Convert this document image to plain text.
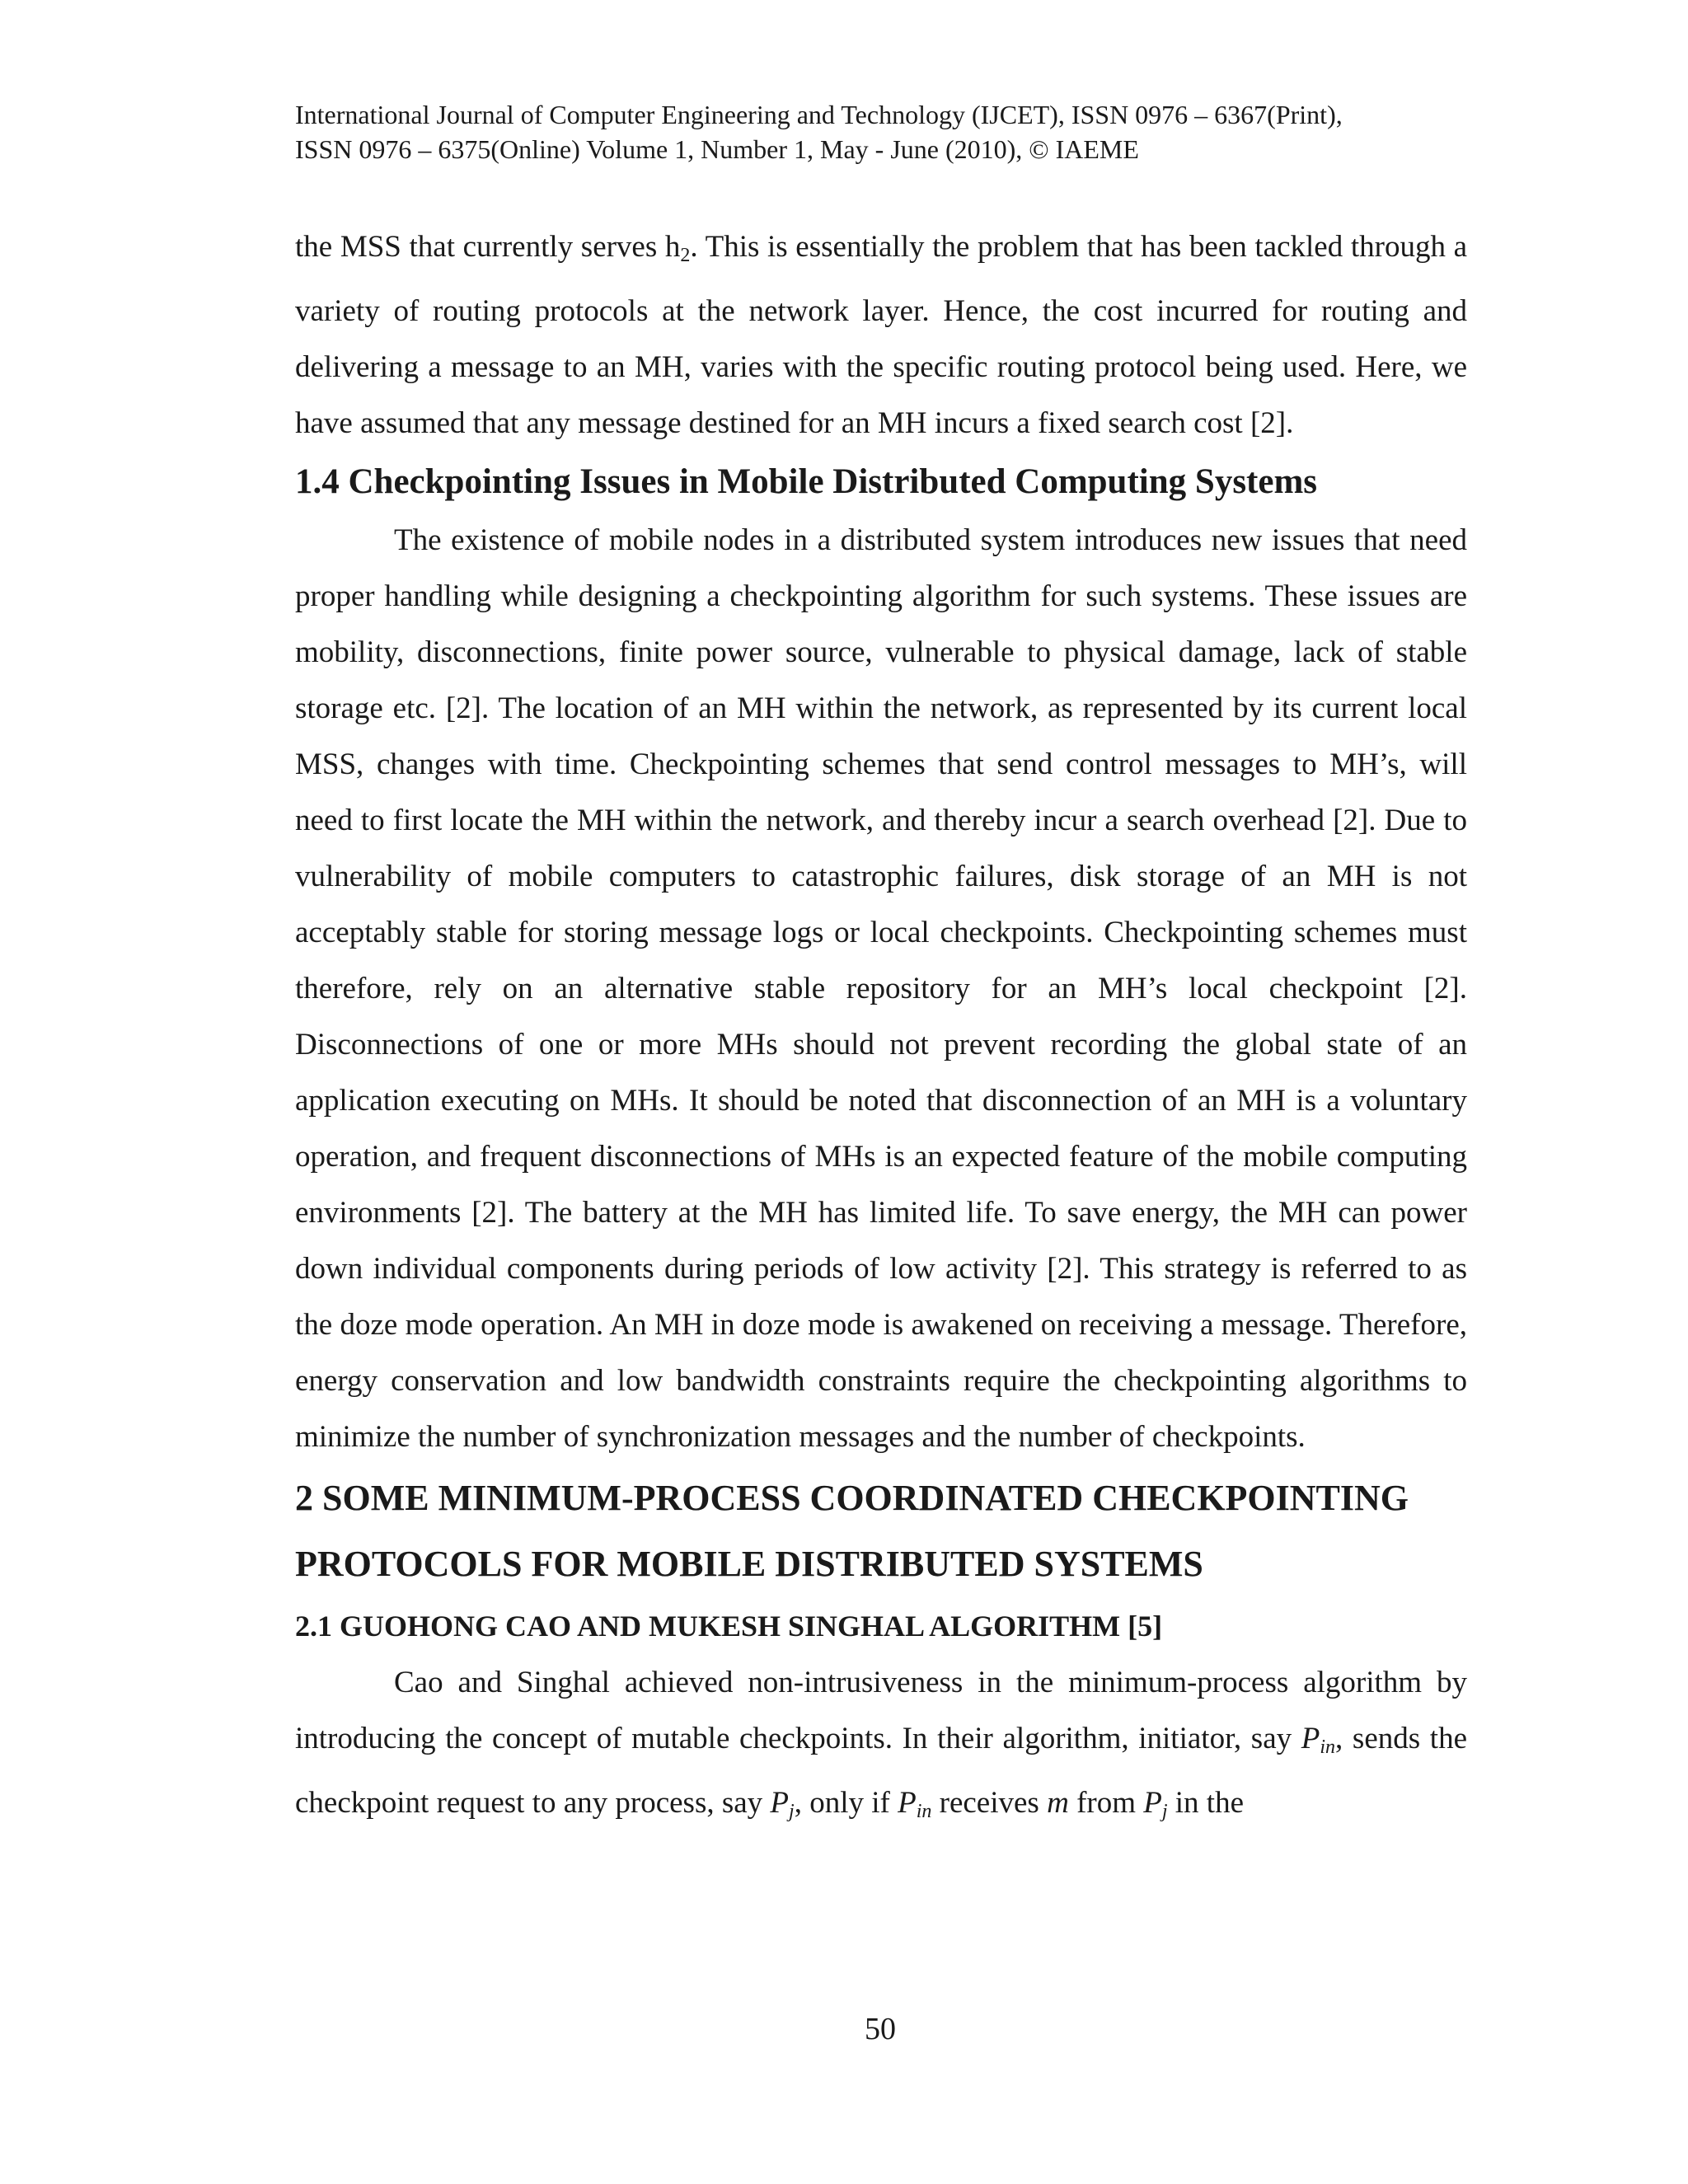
International Journal of Computer Engineering and Technology (IJCET), ISSN 0976 – 6367(Print),
ISSN 0976 – 6375(Online) Volume 1, Number 1, May - June (2010), © IAEME

the MSS that currently serves $h_2$. This is essentially the problem that has been tackled through a variety of routing protocols at the network layer. Hence, the cost incurred for routing and delivering a message to an MH, varies with the specific routing protocol being used. Here, we have assumed that any message destined for an MH incurs a fixed search cost [2].

1.4 Checkpointing Issues in Mobile Distributed Computing Systems

The existence of mobile nodes in a distributed system introduces new issues that need proper handling while designing a checkpointing algorithm for such systems. These issues are mobility, disconnections, finite power source, vulnerable to physical damage, lack of stable storage etc. [2]. The location of an MH within the network, as represented by its current local MSS, changes with time. Checkpointing schemes that send control messages to MH’s, will need to first locate the MH within the network, and thereby incur a search overhead [2]. Due to vulnerability of mobile computers to catastrophic failures, disk storage of an MH is not acceptably stable for storing message logs or local checkpoints. Checkpointing schemes must therefore, rely on an alternative stable repository for an MH’s local checkpoint [2]. Disconnections of one or more MHs should not prevent recording the global state of an application executing on MHs. It should be noted that disconnection of an MH is a voluntary operation, and frequent disconnections of MHs is an expected feature of the mobile computing environments [2]. The battery at the MH has limited life. To save energy, the MH can power down individual components during periods of low activity [2]. This strategy is referred to as the doze mode operation. An MH in doze mode is awakened on receiving a message. Therefore, energy conservation and low bandwidth constraints require the checkpointing algorithms to minimize the number of synchronization messages and the number of checkpoints.

2 SOME MINIMUM-PROCESS COORDINATED CHECKPOINTING
PROTOCOLS FOR MOBILE DISTRIBUTED SYSTEMS
2.1 GUOHONG CAO AND MUKESH SINGHAL ALGORITHM [5]

Cao and Singhal achieved non-intrusiveness in the minimum-process algorithm by introducing the concept of mutable checkpoints. In their algorithm, initiator, say $P_{in}$, sends the checkpoint request to any process, say $P_j$, only if $P_{in}$ receives m from $P_j$ in the

50
